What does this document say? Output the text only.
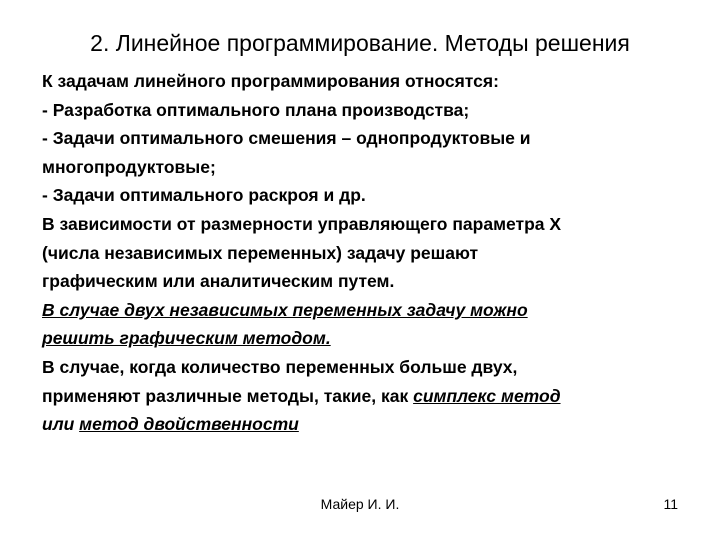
2. Линейное программирование. Методы решения
К задачам линейного программирования относятся:
- Разработка оптимального плана производства;
- Задачи оптимального смешения – однопродуктовые и
многопродуктовые;
- Задачи оптимального раскроя и др.
В зависимости от размерности управляющего параметра X
(числа независимых переменных) задачу решают
графическим или аналитическим путем.
В случае двух независимых переменных задачу можно
решить графическим методом.
В случае, когда количество переменных больше двух,
применяют различные методы, такие, как симплекс метод
или метод двойственности
Майер И. И.	11
